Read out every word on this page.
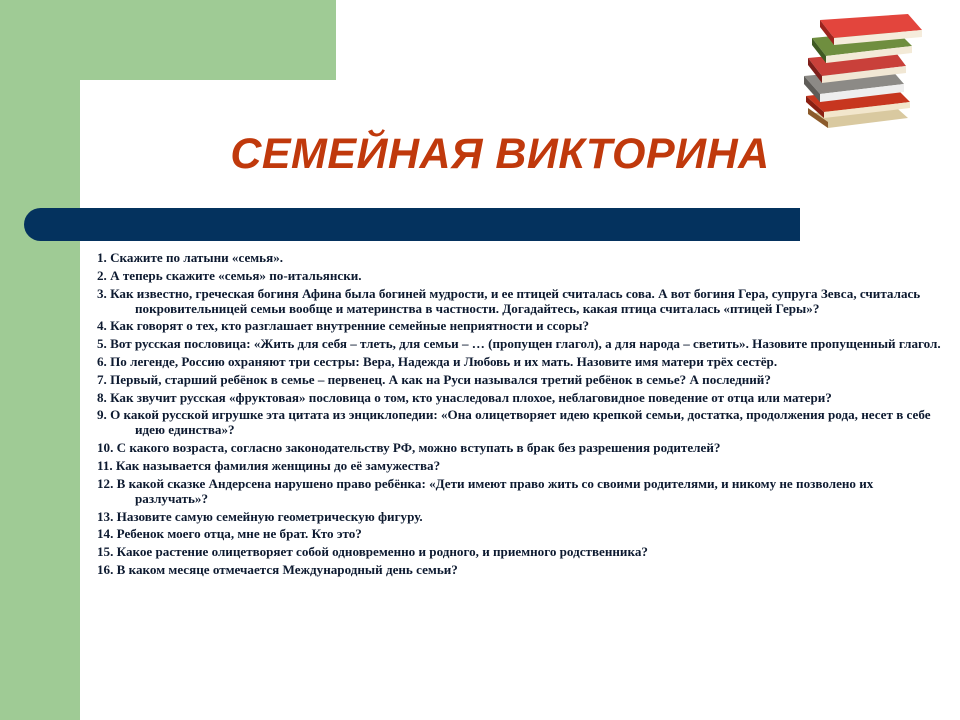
СЕМЕЙНАЯ ВИКТОРИНА
1. Скажите по латыни «семья».
2. А теперь скажите «семья» по-итальянски.
3. Как известно, греческая богиня Афина была богиней мудрости, и ее птицей считалась сова. А вот богиня Гера, супруга Зевса, считалась покровительницей семьи вообще и материнства в частности. Догадайтесь, какая птица считалась «птицей Геры»?
4. Как говорят о тех, кто разглашает внутренние семейные неприятности и ссоры?
5. Вот русская пословица: «Жить для себя – тлеть, для семьи – … (пропущен глагол), а для народа – светить». Назовите пропущенный глагол.
6. По легенде, Россию охраняют три сестры: Вера, Надежда и Любовь и их мать. Назовите имя матери трёх сестёр.
7. Первый, старший ребёнок в семье – первенец. А как на Руси назывался третий ребёнок в семье? А последний?
8. Как звучит русская «фруктовая» пословица о том, кто унаследовал плохое, неблаговидное поведение от отца или матери?
9. О какой русской игрушке эта цитата из энциклопедии: «Она олицетворяет идею крепкой семьи, достатка, продолжения рода, несет в себе идею единства»?
10. С какого возраста, согласно законодательству РФ, можно вступать в брак без разрешения родителей?
11. Как называется фамилия женщины до её замужества?
12. В какой сказке Андерсена нарушено право ребёнка: «Дети имеют право жить со своими родителями, и никому не позволено их разлучать»?
13. Назовите самую семейную геометрическую фигуру.
14. Ребенок моего отца, мне не брат. Кто это?
15. Какое растение олицетворяет собой одновременно и родного, и приемного родственника?
16. В каком месяце отмечается Международный день семьи?
